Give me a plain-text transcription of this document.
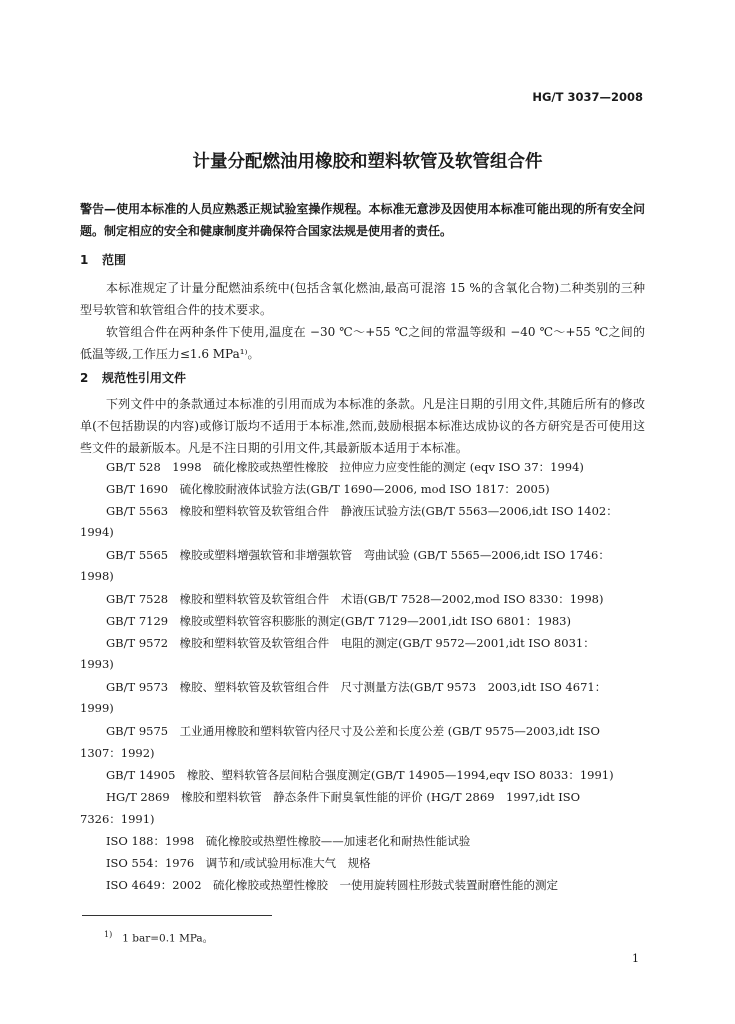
HG/T 3037—2008
计量分配燃油用橡胶和塑料软管及软管组合件
警告—使用本标准的人员应熟悉正规试验室操作规程。本标准无意涉及因使用本标准可能出现的所有安全问题。制定相应的安全和健康制度并确保符合国家法规是使用者的责任。
1 范围
本标准规定了计量分配燃油系统中(包括含氧化燃油,最高可混溶 15 %的含氧化合物)二种类别的三种型号软管和软管组合件的技术要求。
软管组合件在两种条件下使用,温度在 −30 ℃～+55 ℃之间的常温等级和 −40 ℃～+55 ℃之间的低温等级,工作压力≤1.6 MPa¹⁾。
2 规范性引用文件
下列文件中的条款通过本标准的引用而成为本标准的条款。凡是注日期的引用文件,其随后所有的修改单(不包括勘误的内容)或修订版均不适用于本标准,然而,鼓励根据本标准达成协议的各方研究是否可使用这些文件的最新版本。凡是不注日期的引用文件,其最新版本适用于本标准。
GB/T 528　1998　硫化橡胶或热塑性橡胶　拉伸应力应变性能的测定 (eqv ISO 37：1994)
GB/T 1690　硫化橡胶耐液体试验方法(GB/T 1690—2006, mod ISO 1817：2005)
GB/T 5563　橡胶和塑料软管及软管组合件　静液压试验方法(GB/T 5563—2006,idt ISO 1402：
1994)
GB/T 5565　橡胶或塑料增强软管和非增强软管　弯曲试验 (GB/T 5565—2006,idt ISO 1746：
1998)
GB/T 7528　橡胶和塑料软管及软管组合件　术语(GB/T 7528—2002,mod ISO 8330：1998)
GB/T 7129　橡胶或塑料软管容积膨胀的测定(GB/T 7129—2001,idt ISO 6801：1983)
GB/T 9572　橡胶和塑料软管及软管组合件　电阻的测定(GB/T 9572—2001,idt ISO 8031：
1993)
GB/T 9573　橡胶、塑料软管及软管组合件　尺寸测量方法(GB/T 9573　2003,idt ISO 4671：
1999)
GB/T 9575　工业通用橡胶和塑料软管内径尺寸及公差和长度公差 (GB/T 9575—2003,idt ISO
1307：1992)
GB/T 14905　橡胶、塑料软管各层间粘合强度测定(GB/T 14905—1994,eqv ISO 8033：1991)
HG/T 2869　橡胶和塑料软管　静态条件下耐臭氧性能的评价 (HG/T 2869　1997,idt ISO
7326：1991)
ISO 188：1998　硫化橡胶或热塑性橡胶——加速老化和耐热性能试验
ISO 554：1976　调节和/或试验用标准大气　规格
ISO 4649：2002　硫化橡胶或热塑性橡胶　一使用旋转圆柱形鼓式装置耐磨性能的测定
$^{1)}$ 1 bar=0.1 MPa。
1
